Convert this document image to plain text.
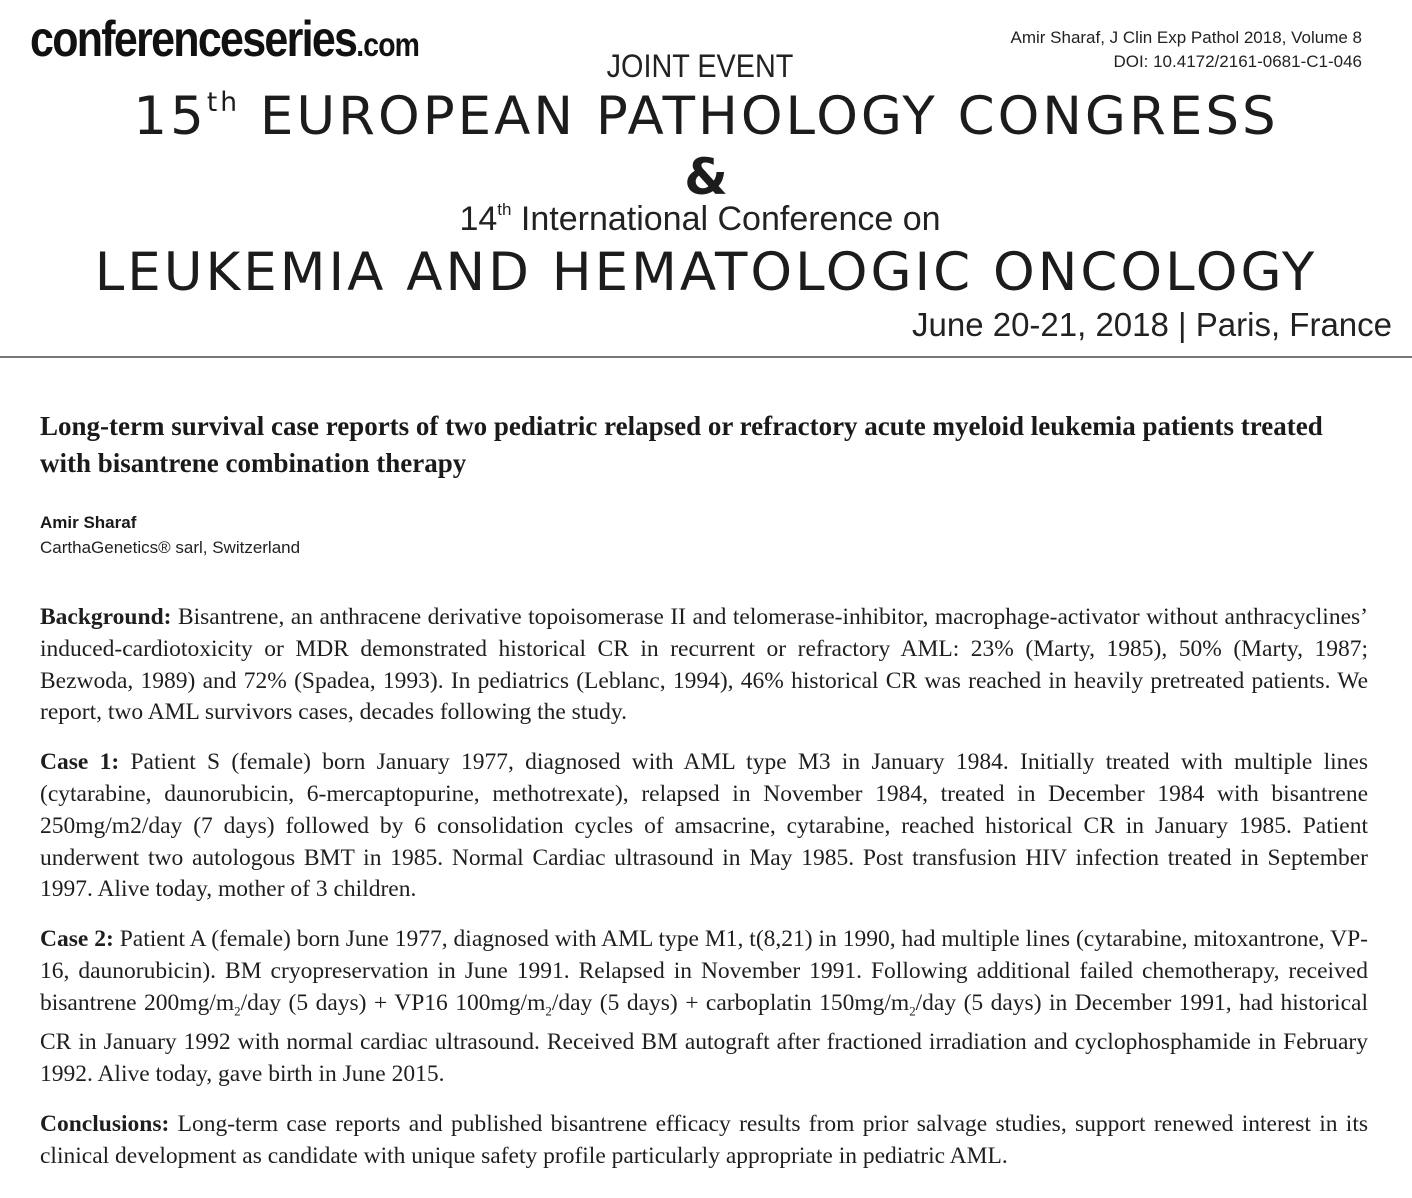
conferenceseries.com	Amir Sharaf, J Clin Exp Pathol 2018, Volume 8
DOI: 10.4172/2161-0681-C1-046
JOINT EVENT
15th EUROPEAN PATHOLOGY CONGRESS
&
14th International Conference on
LEUKEMIA AND HEMATOLOGIC ONCOLOGY
June 20-21, 2018 | Paris, France
Long-term survival case reports of two pediatric relapsed or refractory acute myeloid leukemia patients treated with bisantrene combination therapy
Amir Sharaf
CarthaGenetics® sarl, Switzerland

Background: Bisantrene, an anthracene derivative topoisomerase II and telomerase-inhibitor, macrophage-activator without anthracyclines’ induced-cardiotoxicity or MDR demonstrated historical CR in recurrent or refractory AML: 23% (Marty, 1985), 50% (Marty, 1987; Bezwoda, 1989) and 72% (Spadea, 1993). In pediatrics (Leblanc, 1994), 46% historical CR was reached in heavily pretreated patients. We report, two AML survivors cases, decades following the study.

Case 1: Patient S (female) born January 1977, diagnosed with AML type M3 in January 1984. Initially treated with multiple lines (cytarabine, daunorubicin, 6-mercaptopurine, methotrexate), relapsed in November 1984, treated in December 1984 with bisantrene 250mg/m2/day (7 days) followed by 6 consolidation cycles of amsacrine, cytarabine, reached historical CR in January 1985. Patient underwent two autologous BMT in 1985. Normal Cardiac ultrasound in May 1985. Post transfusion HIV infection treated in September 1997. Alive today, mother of 3 children.

Case 2: Patient A (female) born June 1977, diagnosed with AML type M1, t(8,21) in 1990, had multiple lines (cytarabine, mitoxantrone, VP-16, daunorubicin). BM cryopreservation in June 1991. Relapsed in November 1991. Following additional failed chemotherapy, received bisantrene $200mg/m_2$/day (5 days) + VP16 $100mg/m_2$/day (5 days) + carboplatin $150mg/m_2$/day (5 days) in December 1991, had historical CR in January 1992 with normal cardiac ultrasound. Received BM autograft after fractioned irradiation and cyclophosphamide in February 1992. Alive today, gave birth in June 2015.

Conclusions: Long-term case reports and published bisantrene efficacy results from prior salvage studies, support renewed interest in its clinical development as candidate with unique safety profile particularly appropriate in pediatric AML.
